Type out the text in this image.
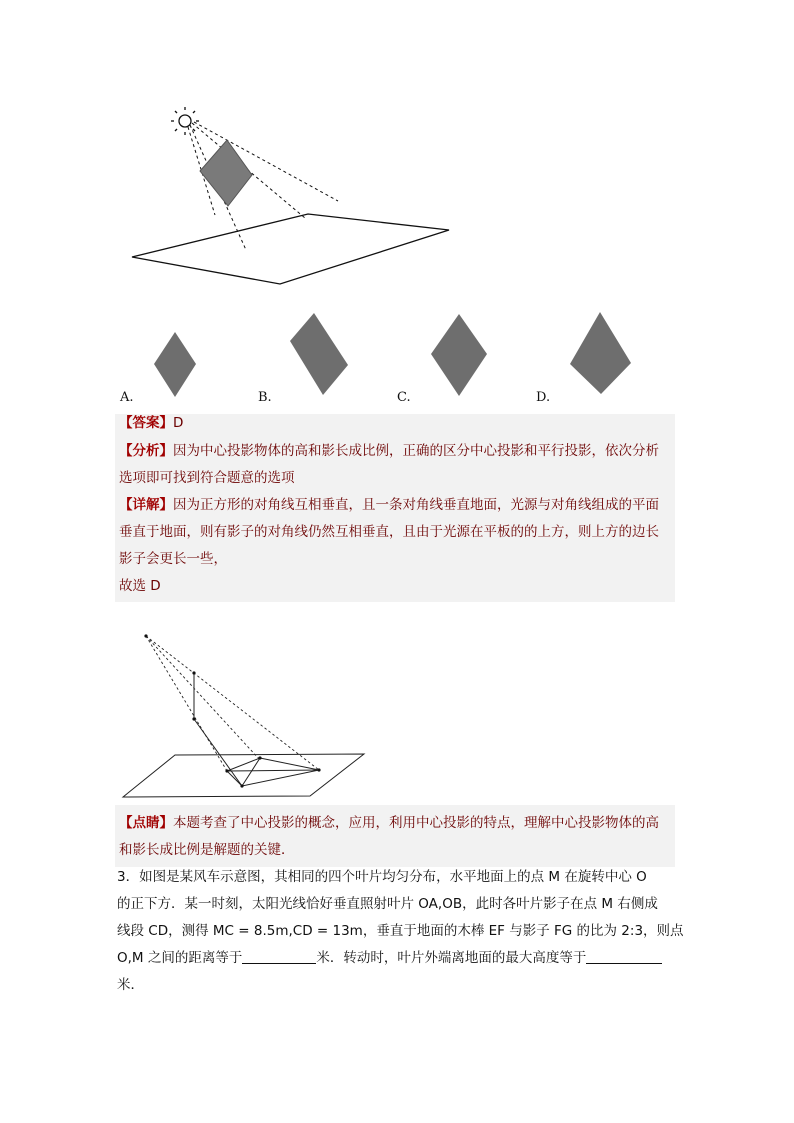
A.	B.	C.	D.
【答案】D
【分析】因为中心投影物体的高和影长成比例，正确的区分中心投影和平行投影，依次分析
选项即可找到符合题意的选项
【详解】因为正方形的对角线互相垂直，且一条对角线垂直地面，光源与对角线组成的平面
垂直于地面，则有影子的对角线仍然互相垂直，且由于光源在平板的的上方，则上方的边长
影子会更长一些，
故选 D
【点睛】本题考查了中心投影的概念，应用，利用中心投影的特点，理解中心投影物体的高
和影长成比例是解题的关键．
3．如图是某风车示意图，其相同的四个叶片均匀分布，水平地面上的点 M 在旋转中心 O
的正下方．某一时刻，太阳光线恰好垂直照射叶片 OA,OB，此时各叶片影子在点 M 右侧成
线段 CD，测得 MC = 8.5m,CD = 13m，垂直于地面的木棒 EF 与影子 FG 的比为 2:3，则点
O,M 之间的距离等于	米．转动时，叶片外端离地面的最大高度等于
米．
